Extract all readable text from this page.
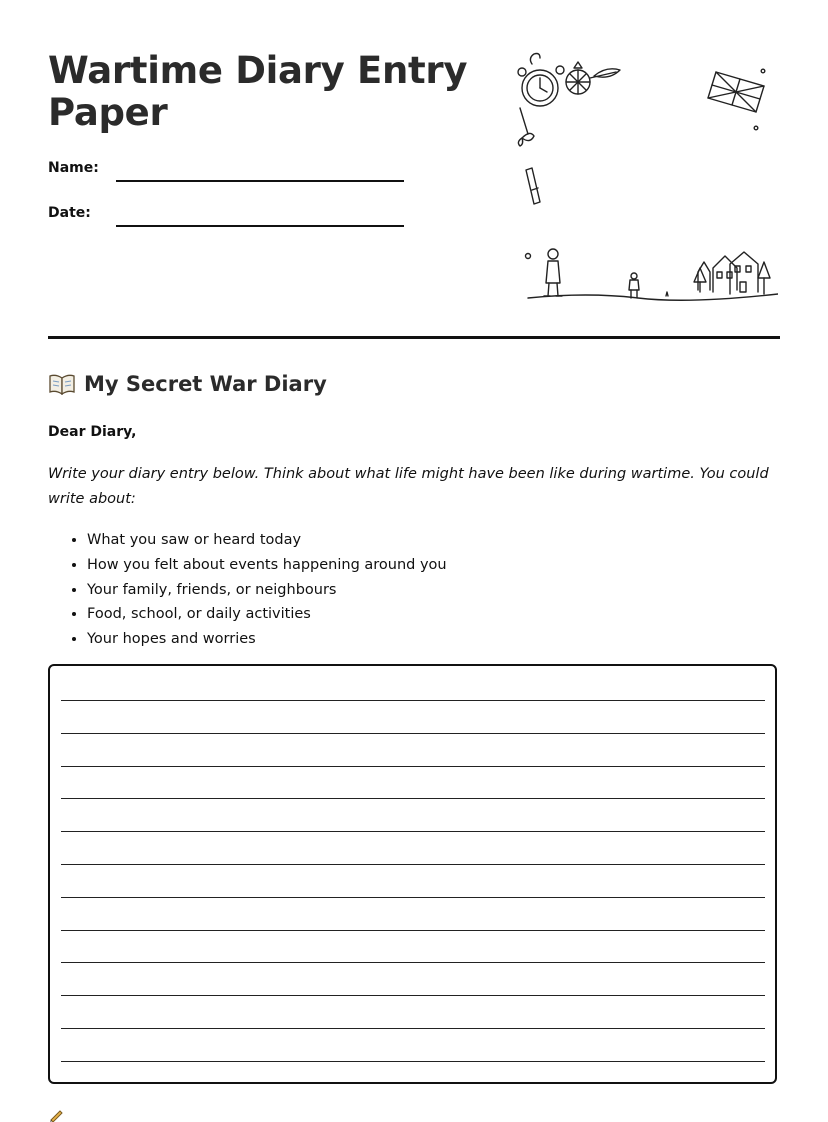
Wartime Diary Entry Paper
Name:
Date:
My Secret War Diary
Dear Diary,

Write your diary entry below. Think about what life might have been like during wartime. You could write about:

• What you saw or heard today
• How you felt about events happening around you
• Your family, friends, or neighbours
• Food, school, or daily activities
• Your hopes and worries
